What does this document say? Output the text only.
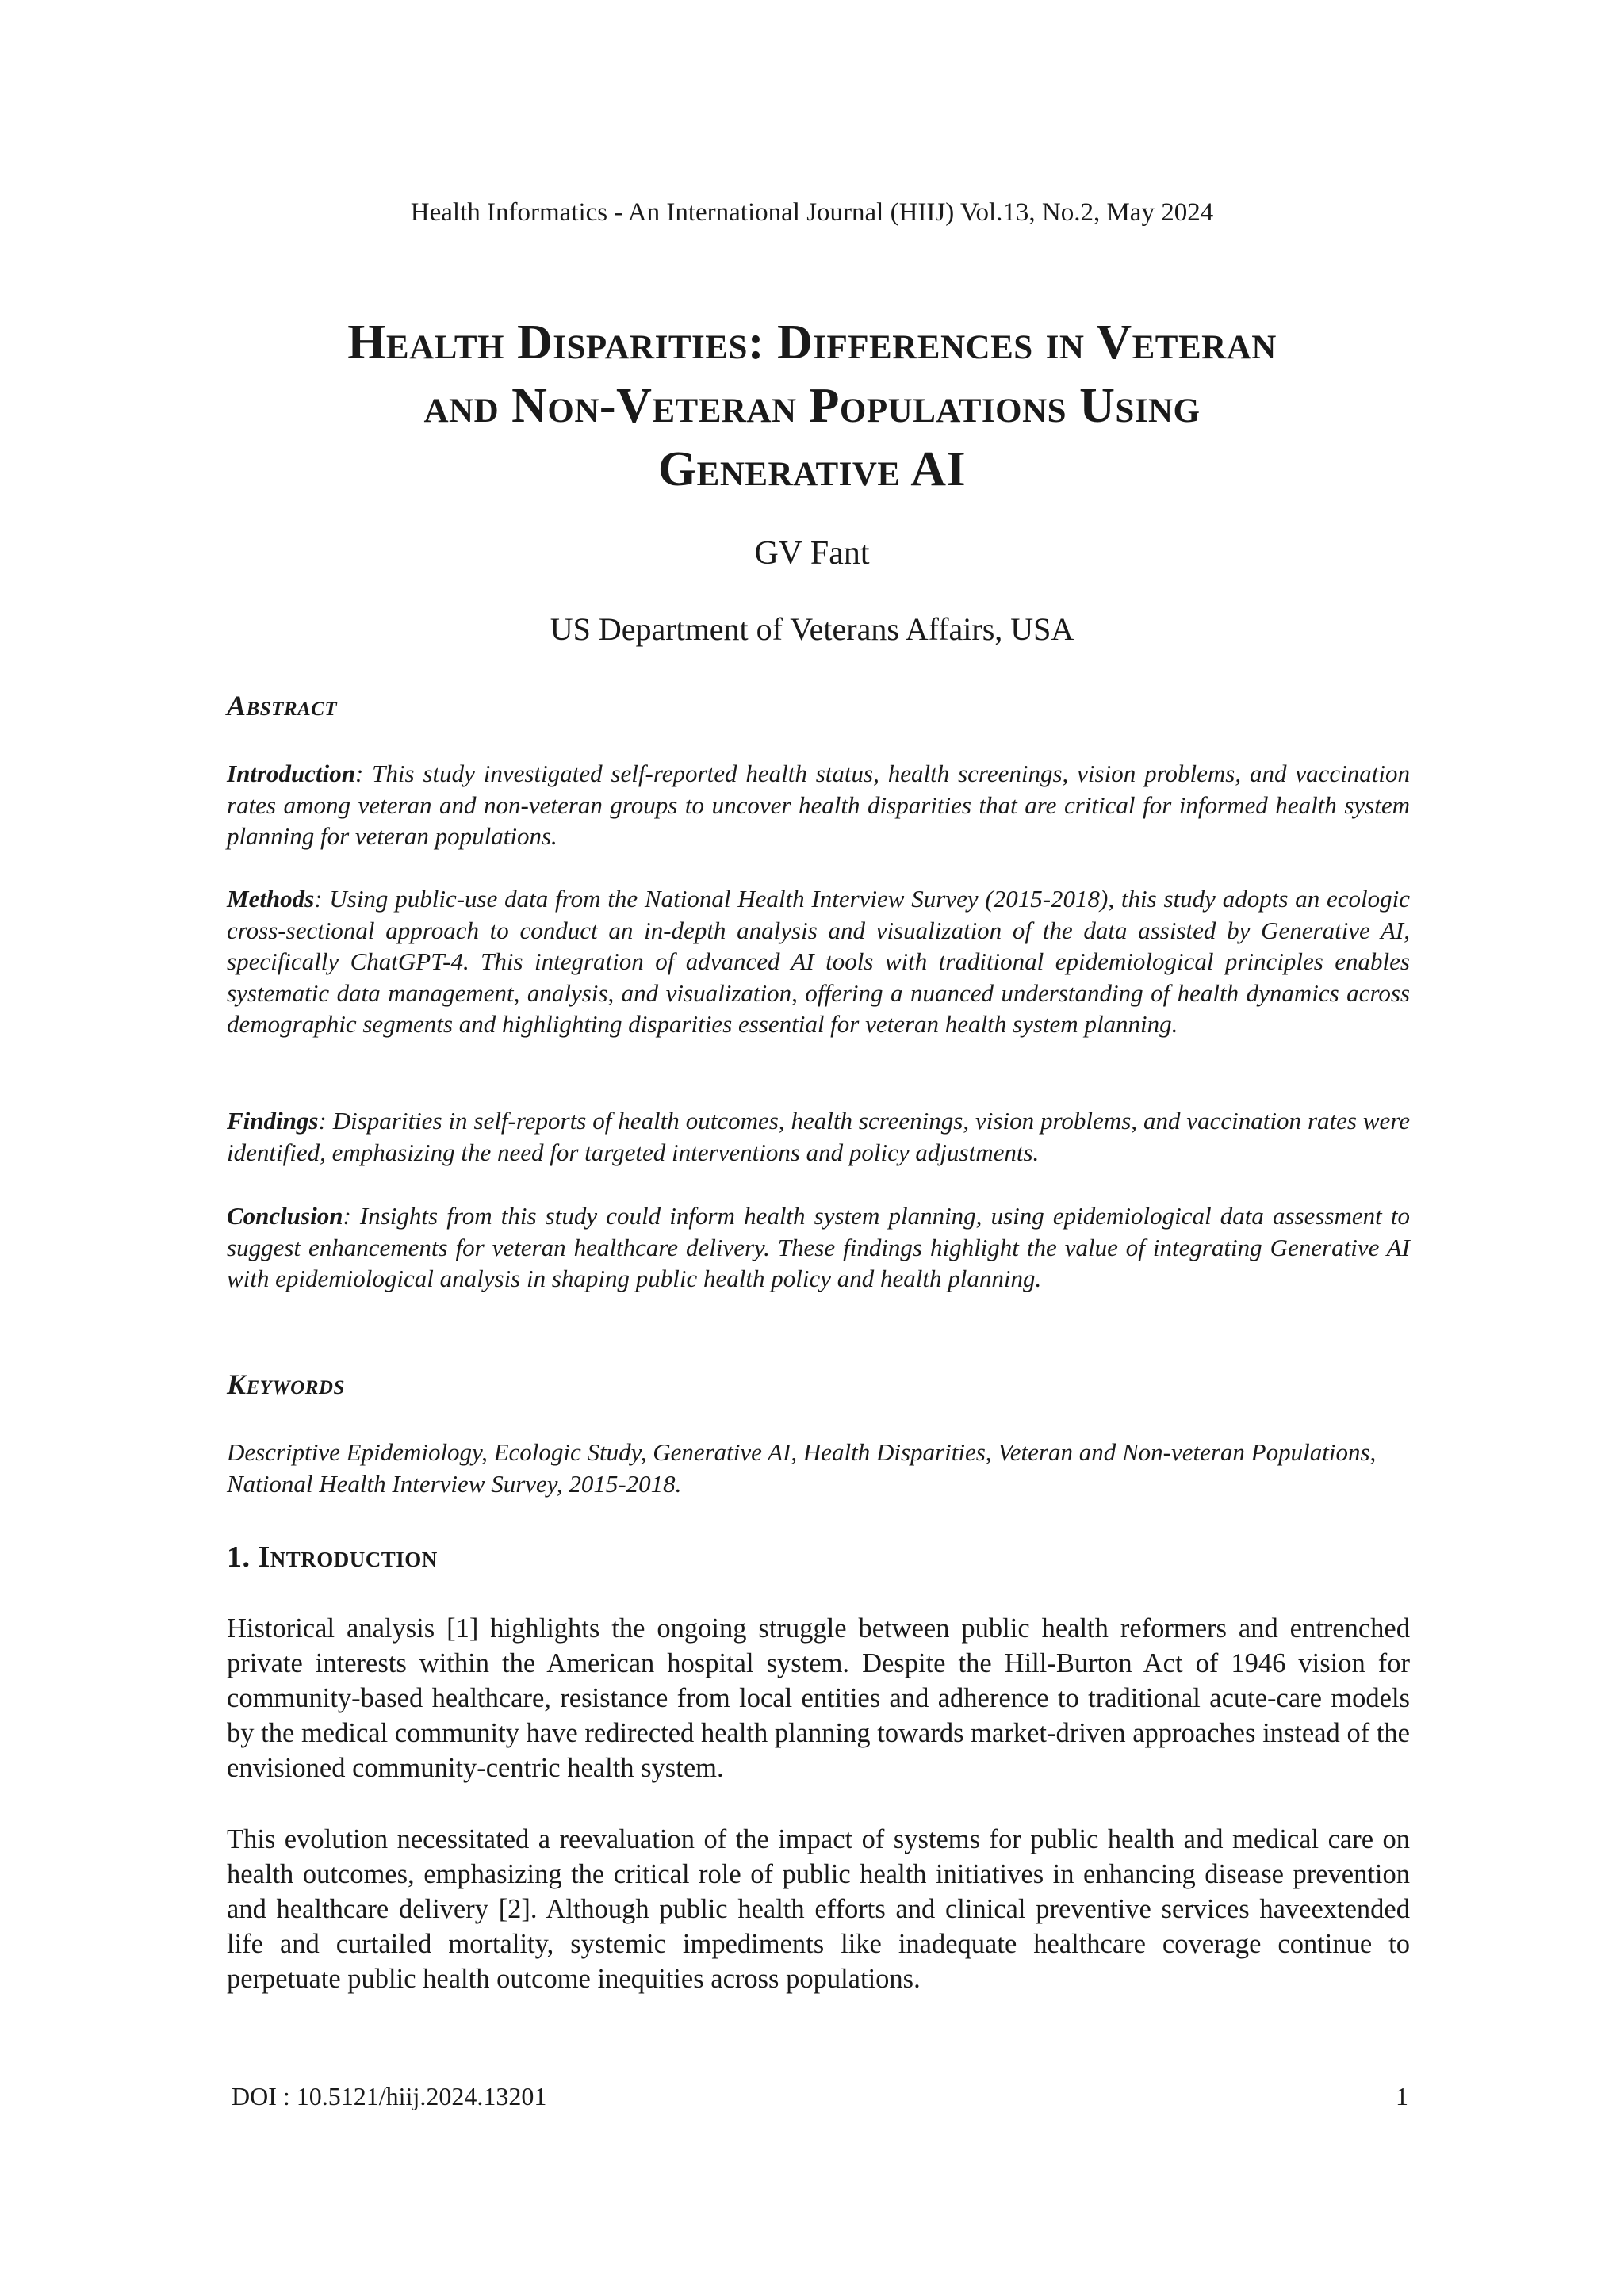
Health Informatics - An International Journal (HIIJ) Vol.13, No.2, May 2024
Health Disparities: Differences in Veteran
and Non-Veteran Populations Using
Generative AI
GV Fant
US Department of Veterans Affairs, USA
Abstract

Introduction: This study investigated self-reported health status, health screenings, vision problems, and vaccination rates among veteran and non-veteran groups to uncover health disparities that are critical for informed health system planning for veteran populations.

Methods: Using public-use data from the National Health Interview Survey (2015-2018), this study adopts an ecologic cross-sectional approach to conduct an in-depth analysis and visualization of the data assisted by Generative AI, specifically ChatGPT-4. This integration of advanced AI tools with traditional epidemiological principles enables systematic data management, analysis, and visualization, offering a nuanced understanding of health dynamics across demographic segments and highlighting disparities essential for veteran health system planning.

Findings: Disparities in self-reports of health outcomes, health screenings, vision problems, and vaccination rates were identified, emphasizing the need for targeted interventions and policy adjustments.

Conclusion: Insights from this study could inform health system planning, using epidemiological data assessment to suggest enhancements for veteran healthcare delivery. These findings highlight the value of integrating Generative AI with epidemiological analysis in shaping public health policy and health planning.

Keywords

Descriptive Epidemiology, Ecologic Study, Generative AI, Health Disparities, Veteran and Non-veteran Populations, National Health Interview Survey, 2015-2018.

1. Introduction

Historical analysis [1] highlights the ongoing struggle between public health reformers and entrenched private interests within the American hospital system. Despite the Hill-Burton Act of 1946 vision for community-based healthcare, resistance from local entities and adherence to traditional acute-care models by the medical community have redirected health planning towards market-driven approaches instead of the envisioned community-centric health system.

This evolution necessitated a reevaluation of the impact of systems for public health and medical care on health outcomes, emphasizing the critical role of public health initiatives in enhancing disease prevention and healthcare delivery [2]. Although public health efforts and clinical preventive services haveextended life and curtailed mortality, systemic impediments like inadequate healthcare coverage continue to perpetuate public health outcome inequities across populations.

DOI : 10.5121/hiij.2024.13201	1
